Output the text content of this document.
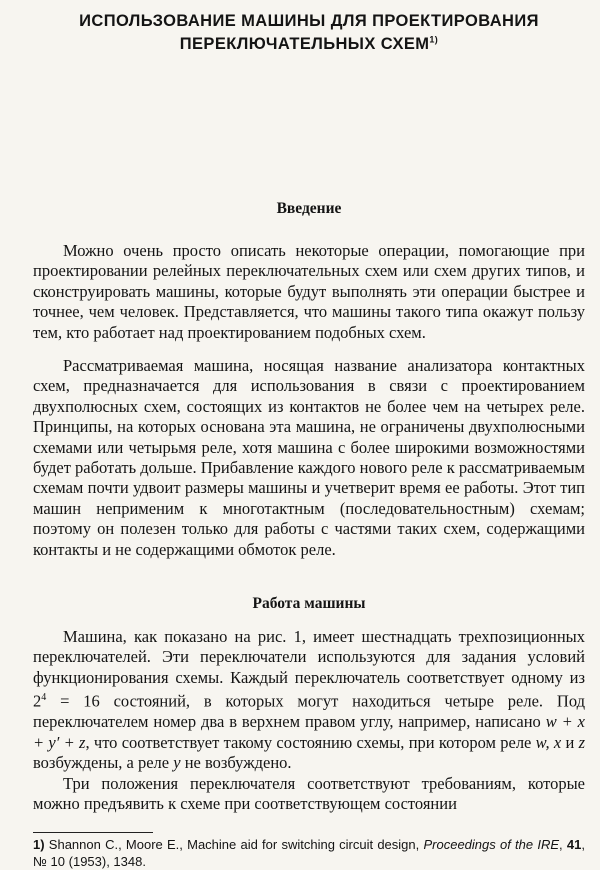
ИСПОЛЬЗОВАНИЕ МАШИНЫ ДЛЯ ПРОЕКТИРОВАНИЯ
ПЕРЕКЛЮЧАТЕЛЬНЫХ СХЕМ$^{1)}$
Введение

Можно очень просто описать некоторые операции, помогающие при проектировании релейных переключательных схем или схем других типов, и сконструировать машины, которые будут выполнять эти операции быстрее и точнее, чем человек. Представляется, что машины такого типа окажут пользу тем, кто работает над проектированием подобных схем.

Рассматриваемая машина, носящая название анализатора контактных схем, предназначается для использования в связи с проектированием двухполюсных схем, состоящих из контактов не более чем на четырех реле. Принципы, на которых основана эта машина, не ограничены двухполюсными схемами или четырьмя реле, хотя машина с более широкими возможностями будет работать дольше. Прибавление каждого нового реле к рассматриваемым схемам почти удвоит размеры машины и учетверит время ее работы. Этот тип машин неприменим к многотактным (последовательностным) схемам; поэтому он полезен только для работы с частями таких схем, содержащими контакты и не содержащими обмоток реле.

Работа машины

Машина, как показано на рис. 1, имеет шестнадцать трехпозиционных переключателей. Эти переключатели используются для задания условий функционирования схемы. Каждый переключатель соответствует одному из $2^4 = 16$ состояний, в которых могут находиться четыре реле. Под переключателем номер два в верхнем правом углу, например, написано w + x + y′ + z, что соответствует такому состоянию схемы, при котором реле w, x и z возбуждены, а реле y не возбуждено.

Три положения переключателя соответствуют требованиям, которые можно предъявить к схеме при соответствующем состоянии

1) Shannon C., Moore E., Machine aid for switching circuit design, Proceedings of the IRE, 41, № 10 (1953), 1348.
